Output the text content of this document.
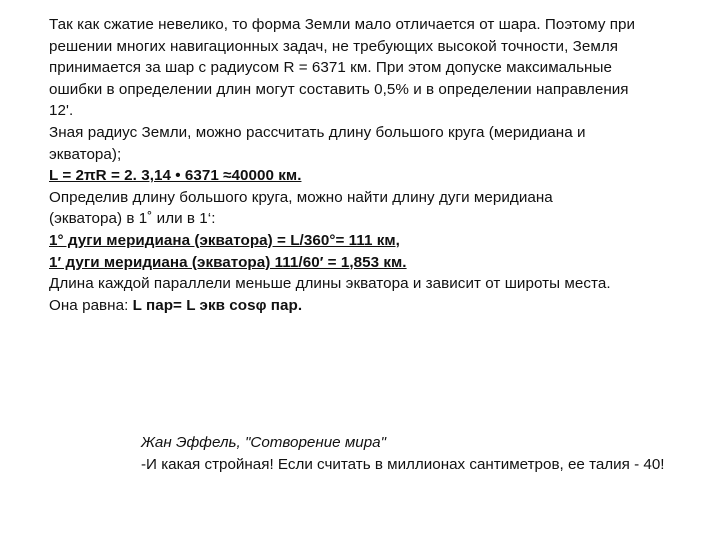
Так как сжатие невелико, то форма Земли мало отличается от шара. Поэтому при
решении многих навигационных задач, не требующих высокой точности, Земля
принимается за шар с радиусом R = 6371 км. При этом допуске максимальные
ошибки в определении длин могут составить 0,5% и в определении направления
12'.
Зная радиус Земли, можно рассчитать длину большого круга (меридиана и
экватора);
L = 2πR = 2. 3,14 • 6371 ≈40000 км.
Определив длину большого круга, можно найти длину дуги меридиана
(экватора) в 1˚ или в 1‘:
1° дуги меридиана (экватора) = L/360°= 111 км,
1′ дуги меридиана (экватора) 111/60′ = 1,853 км.
Длина каждой параллели меньше длины экватора и зависит от широты места.
Она равна: L пар= L экв cosφ пар.
Жан Эффель, "Сотворение мира"
-И какая стройная! Если считать в миллионах сантиметров, ее талия - 40!
